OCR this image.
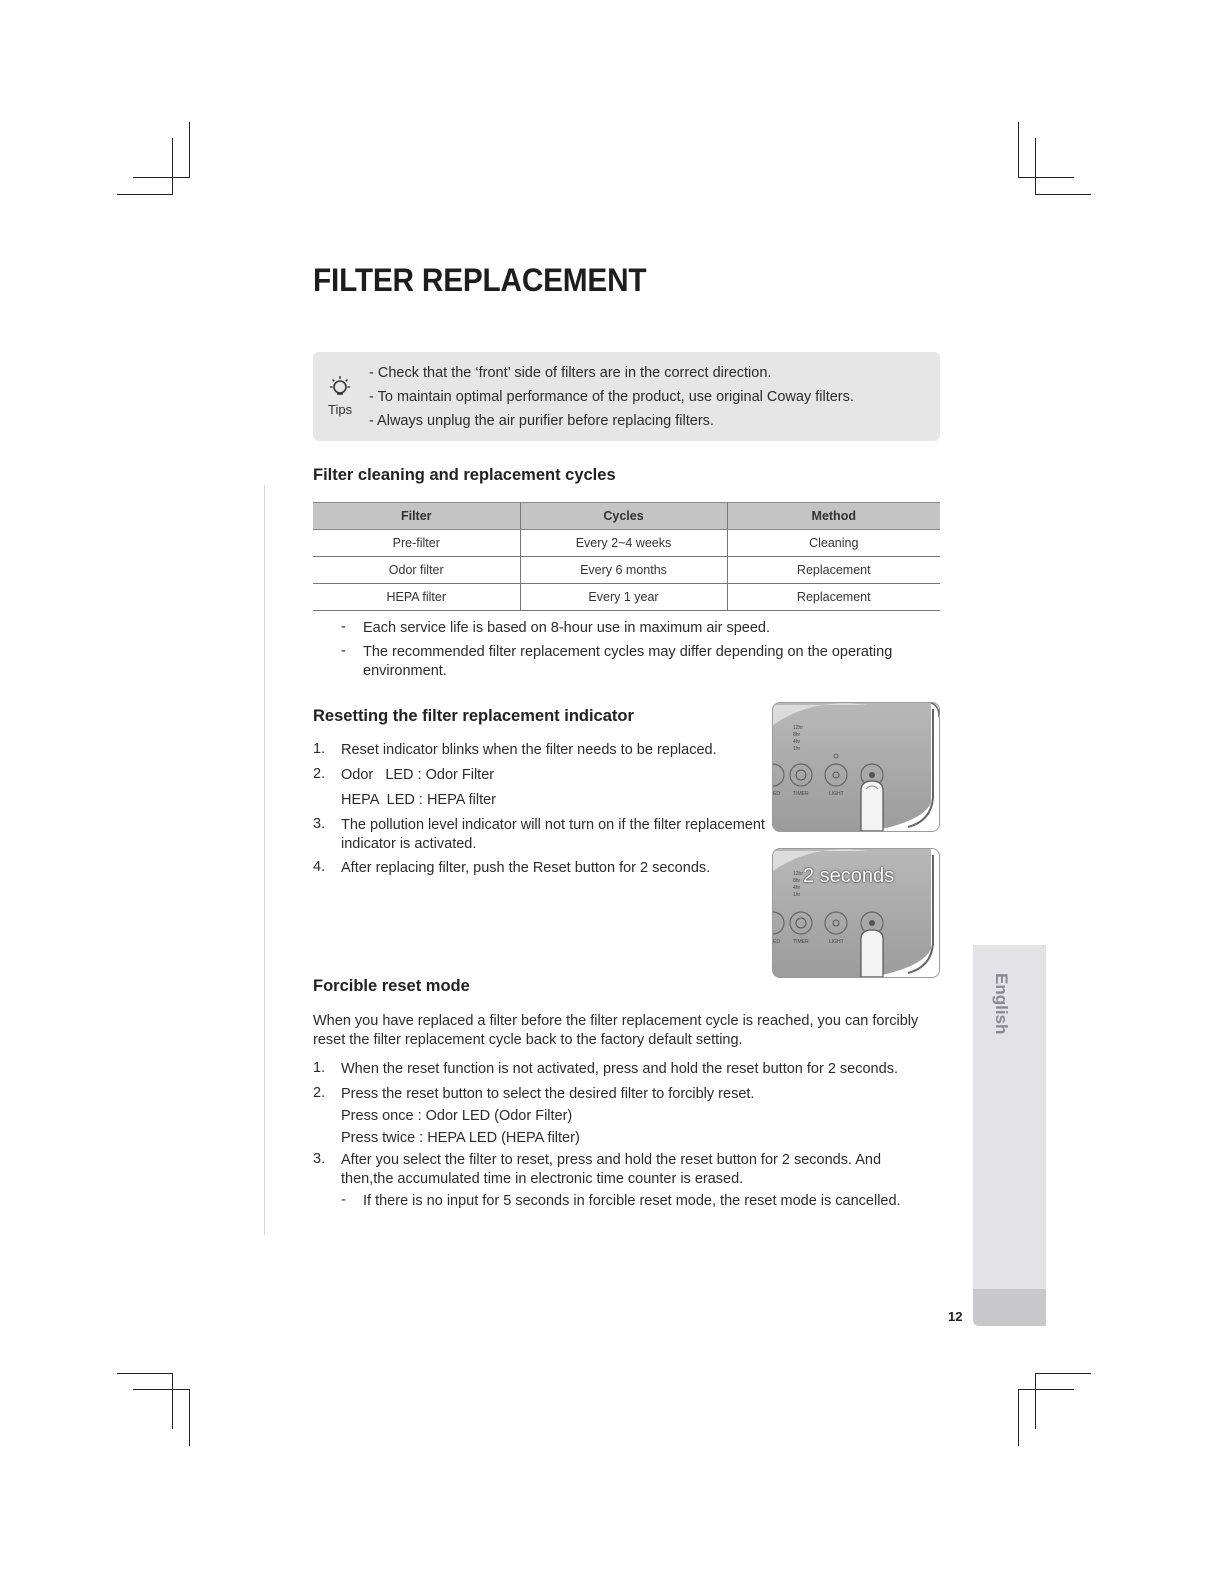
FILTER REPLACEMENT
Tips
- Check that the ‘front’ side of filters are in the correct direction.
- To maintain optimal performance of the product, use original Coway filters.
- Always unplug the air purifier before replacing filters.
Filter cleaning and replacement cycles
Filter	Cycles	Method
Pre-filter	Every 2~4 weeks	Cleaning
Odor filter	Every 6 months	Replacement
HEPA filter	Every 1 year	Replacement
- Each service life is based on 8-hour use in maximum air speed.
- The recommended filter replacement cycles may differ depending on the operating environment.
Resetting the filter replacement indicator
1. Reset indicator blinks when the filter needs to be replaced.
2. Odor   LED : Odor Filter
HEPA  LED : HEPA filter
3. The pollution level indicator will not turn on if the filter replacement indicator is activated.
4. After replacing filter, push the Reset button for 2 seconds.
12hr
8hr
4hr
1hr
ED	TIMER	LIGHT
12hr
8hr
4hr
1hr
ED	TIMER	LIGHT
2 seconds
Forcible reset mode
When you have replaced a filter before the filter replacement cycle is reached, you can forcibly reset the filter replacement cycle back to the factory default setting.
1. When the reset function is not activated, press and hold the reset button for 2 seconds.
2. Press the reset button to select the desired filter to forcibly reset.
Press once : Odor LED (Odor Filter)
Press twice : HEPA LED (HEPA filter)
3. After you select the filter to reset, press and hold the reset button for 2 seconds. And then,the accumulated time in electronic time counter is erased.
- If there is no input for 5 seconds in forcible reset mode, the reset mode is cancelled.
English
12
